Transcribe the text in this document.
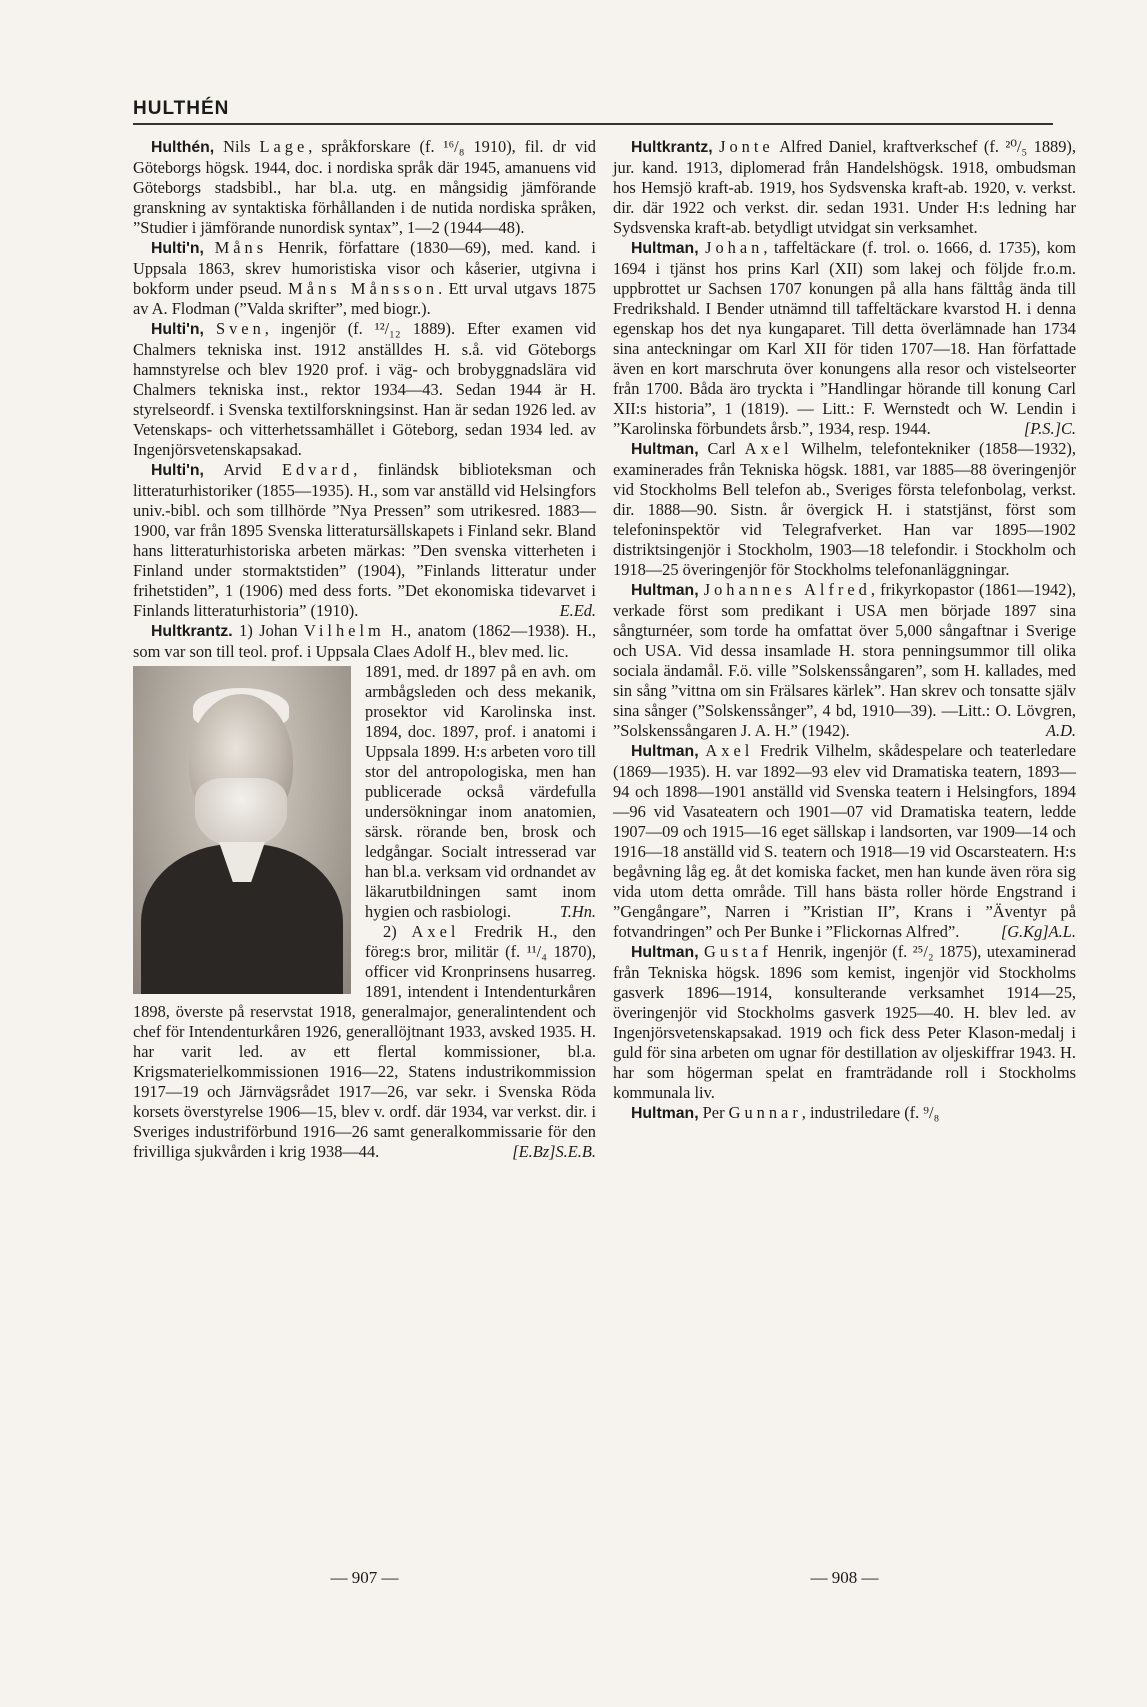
HULTHÉN

Hulthén, Nils Lage, språkforskare (f. ¹⁶/₈ 1910), fil. dr vid Göteborgs högsk. 1944, doc. i nordiska språk där 1945, amanuens vid Göteborgs stadsbibl., har bl.a. utg. en mångsidig jämförande granskning av syntaktiska förhållanden i de nutida nordiska språken, ”Studier i jämförande nunordisk syntax”, 1—2 (1944—48).

Hulti'n, Måns Henrik, författare (1830—69), med. kand. i Uppsala 1863, skrev humoristiska visor och kåserier, utgivna i bokform under pseud. Måns Månsson. Ett urval utgavs 1875 av A. Flodman (”Valda skrifter”, med biogr.).

Hulti'n, Sven, ingenjör (f. ¹²/₁₂ 1889). Efter examen vid Chalmers tekniska inst. 1912 anställdes H. s.å. vid Göteborgs hamnstyrelse och blev 1920 prof. i väg- och brobyggnadslära vid Chalmers tekniska inst., rektor 1934—43. Sedan 1944 är H. styrelseordf. i Svenska textilforskningsinst. Han är sedan 1926 led. av Vetenskaps- och vitterhetssamhället i Göteborg, sedan 1934 led. av Ingenjörsvetenskapsakad.

Hulti'n, Arvid Edvard, finländsk biblioteksman och litteraturhistoriker (1855—1935). H., som var anställd vid Helsingfors univ.-bibl. och som tillhörde ”Nya Pressen” som utrikesred. 1883—1900, var från 1895 Svenska litteratursällskapets i Finland sekr. Bland hans litteraturhistoriska arbeten märkas: ”Den svenska vitterheten i Finland under stormaktstiden” (1904), ”Finlands litteratur under frihetstiden”, 1 (1906) med dess forts. ”Det ekonomiska tidevarvet i Finlands litteraturhistoria” (1910).	E.Ed.

Hultkrantz. 1) Johan Vilhelm H., anatom (1862—1938). H., som var son till teol. prof. i Uppsala Claes Adolf H., blev med. lic.

1891, med. dr 1897 på en avh. om armbågsleden och dess mekanik, prosektor vid Karolinska inst. 1894, doc. 1897, prof. i anatomi i Uppsala 1899. H:s arbeten voro till stor del antropologiska, men han publicerade också värdefulla undersökningar inom anatomien, särsk. rörande ben, brosk och ledgångar. Socialt intresserad var han bl.a. verksam vid ordnandet av läkarutbildningen samt inom hygien och rasbiologi.	T.Hn.

2) Axel Fredrik H., den föreg:s bror, militär (f. ¹¹/₄ 1870), officer vid Kronprinsens husarreg. 1891, intendent i Intendenturkåren 1898, överste på reservstat 1918, generalmajor, generalintendent och chef för Intendenturkåren 1926, generallöjtnant 1933, avsked 1935. H. har varit led. av ett flertal kommissioner, bl.a. Krigsmaterielkommissionen 1916—22, Statens industrikommission 1917—19 och Järnvägsrådet 1917—26, var sekr. i Svenska Röda korsets överstyrelse 1906—15, blev v. ordf. där 1934, var verkst. dir. i Sveriges industriförbund 1916—26 samt generalkommissarie för den frivilliga sjukvården i krig 1938—44.	[E.Bz]S.E.B.

Hultkrantz, Jonte Alfred Daniel, kraftverkschef (f. ²⁰/₅ 1889), jur. kand. 1913, diplomerad från Handelshögsk. 1918, ombudsman hos Hemsjö kraft-ab. 1919, hos Sydsvenska kraft-ab. 1920, v. verkst. dir. där 1922 och verkst. dir. sedan 1931. Under H:s ledning har Sydsvenska kraft-ab. betydligt utvidgat sin verksamhet.

Hultman, Johan, taffeltäckare (f. trol. o. 1666, d. 1735), kom 1694 i tjänst hos prins Karl (XII) som lakej och följde fr.o.m. uppbrottet ur Sachsen 1707 konungen på alla hans fälttåg ända till Fredrikshald. I Bender utnämnd till taffeltäckare kvarstod H. i denna egenskap hos det nya kungaparet. Till detta överlämnade han 1734 sina anteckningar om Karl XII för tiden 1707—18. Han författade även en kort marschruta över konungens alla resor och vistelseorter från 1700. Båda äro tryckta i ”Handlingar hörande till konung Carl XII:s historia”, 1 (1819). — Litt.: F. Wernstedt och W. Lendin i ”Karolinska förbundets årsb.”, 1934, resp. 1944.	[P.S.]C.

Hultman, Carl Axel Wilhelm, telefontekniker (1858—1932), examinerades från Tekniska högsk. 1881, var 1885—88 överingenjör vid Stockholms Bell telefon ab., Sveriges första telefonbolag, verkst. dir. 1888—90. Sistn. år övergick H. i statstjänst, först som telefoninspektör vid Telegrafverket. Han var 1895—1902 distriktsingenjör i Stockholm, 1903—18 telefondir. i Stockholm och 1918—25 överingenjör för Stockholms telefonanläggningar.

Hultman, Johannes Alfred, frikyrkopastor (1861—1942), verkade först som predikant i USA men började 1897 sina sångturnéer, som torde ha omfattat över 5,000 sångaftnar i Sverige och USA. Vid dessa insamlade H. stora penningsummor till olika sociala ändamål. F.ö. ville ”Solskenssångaren”, som H. kallades, med sin sång ”vittna om sin Frälsares kärlek”. Han skrev och tonsatte själv sina sånger (”Solskenssånger”, 4 bd, 1910—39). —Litt.: O. Lövgren, ”Solskenssångaren J. A. H.” (1942).	A.D.

Hultman, Axel Fredrik Vilhelm, skådespelare och teaterledare (1869—1935). H. var 1892—93 elev vid Dramatiska teatern, 1893—94 och 1898—1901 anställd vid Svenska teatern i Helsingfors, 1894—96 vid Vasateatern och 1901—07 vid Dramatiska teatern, ledde 1907—09 och 1915—16 eget sällskap i landsorten, var 1909—14 och 1916—18 anställd vid S. teatern och 1918—19 vid Oscarsteatern. H:s begåvning låg eg. åt det komiska facket, men han kunde även röra sig vida utom detta område. Till hans bästa roller hörde Engstrand i ”Gengångare”, Narren i ”Kristian II”, Krans i ”Äventyr på fotvandringen” och Per Bunke i ”Flickornas Alfred”.	[G.Kg]A.L.

Hultman, Gustaf Henrik, ingenjör (f. ²⁵/₂ 1875), utexaminerad från Tekniska högsk. 1896 som kemist, ingenjör vid Stockholms gasverk 1896—1914, konsulterande verksamhet 1914—25, överingenjör vid Stockholms gasverk 1925—40. H. blev led. av Ingenjörsvetenskapsakad. 1919 och fick dess Peter Klason-medalj i guld för sina arbeten om ugnar för destillation av oljeskiffrar 1943. H. har som högerman spelat en framträdande roll i Stockholms kommunala liv.

Hultman, Per Gunnar, industriledare (f. ⁹/₈

— 907 —	— 908 —
